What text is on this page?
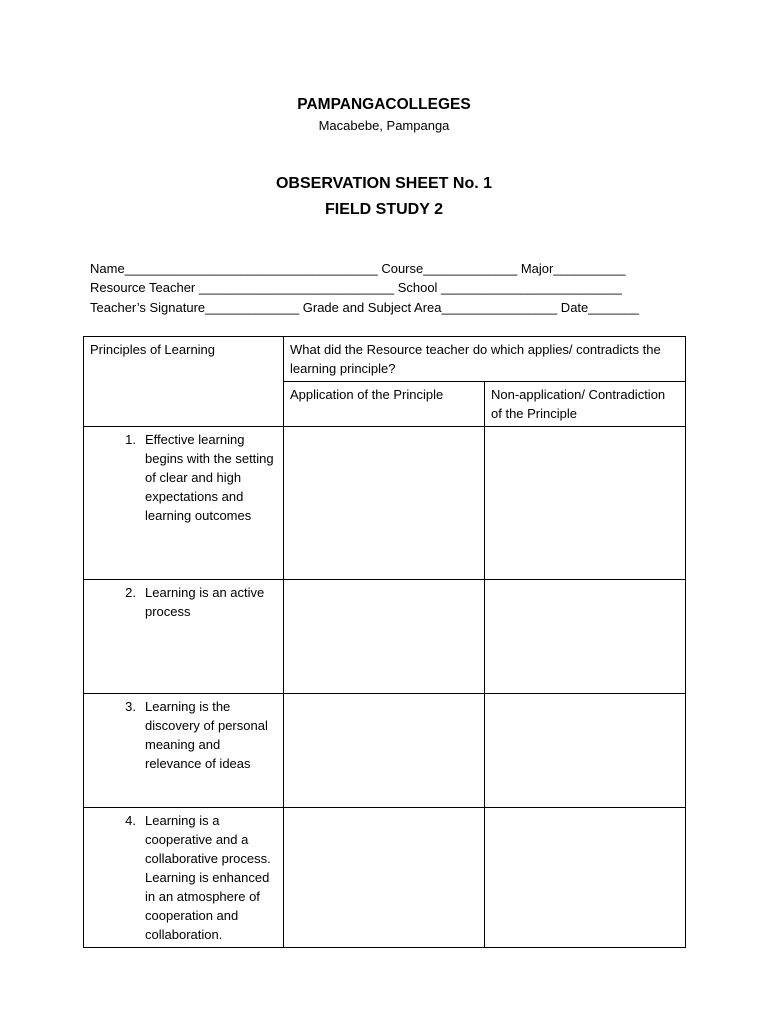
PAMPANGACOLLEGES
Macabebe, Pampanga
OBSERVATION SHEET No. 1
FIELD STUDY 2
Name___________________________________ Course_____________ Major__________
Resource Teacher ___________________________ School _________________________
Teacher’s Signature_____________ Grade and Subject Area________________ Date_______
Principles of Learning	What did the Resource teacher do which applies/ contradicts the learning principle?	
	Application of the Principle	Non-application/ Contradiction of the Principle

1. Effective learning begins with the setting of clear and high expectations and learning outcomes		

2. Learning is an active process		

3. Learning is the discovery of personal meaning and relevance of ideas		

4. Learning is a cooperative and a collaborative process. Learning is enhanced in an atmosphere of cooperation and collaboration.		
